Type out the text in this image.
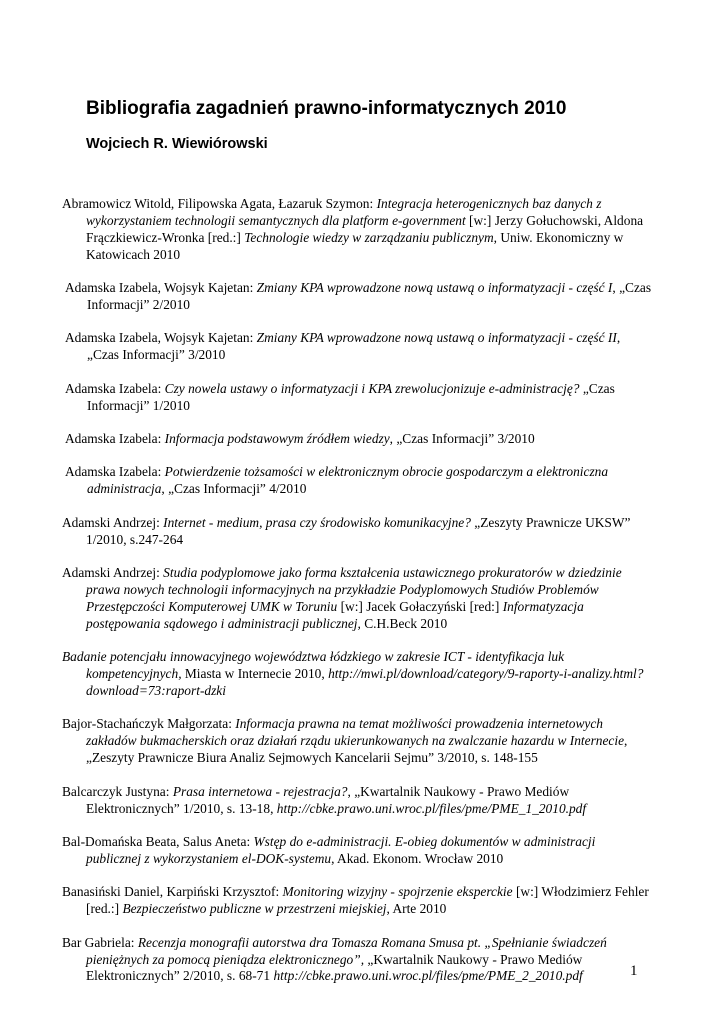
Bibliografia zagadnień prawno-informatycznych 2010
Wojciech R. Wiewiórowski
Abramowicz Witold, Filipowska Agata, Łazaruk Szymon: Integracja heterogenicznych baz danych z wykorzystaniem technologii semantycznych dla platform e-government [w:] Jerzy Gołuchowski, Aldona Frączkiewicz-Wronka [red.:] Technologie wiedzy w zarządzaniu publicznym, Uniw. Ekonomiczny w Katowicach 2010
Adamska Izabela, Wojsyk Kajetan: Zmiany KPA wprowadzone nową ustawą o informatyzacji - część I, „Czas Informacji” 2/2010
Adamska Izabela, Wojsyk Kajetan: Zmiany KPA wprowadzone nową ustawą o informatyzacji - część II, „Czas Informacji” 3/2010
Adamska Izabela: Czy nowela ustawy o informatyzacji i KPA zrewolucjonizuje e-administrację? „Czas Informacji” 1/2010
Adamska Izabela: Informacja podstawowym źródłem wiedzy, „Czas Informacji” 3/2010
Adamska Izabela: Potwierdzenie tożsamości w elektronicznym obrocie gospodarczym a elektroniczna administracja, „Czas Informacji” 4/2010
Adamski Andrzej: Internet - medium, prasa czy środowisko komunikacyjne? „Zeszyty Prawnicze UKSW” 1/2010, s.247-264
Adamski Andrzej: Studia podyplomowe jako forma kształcenia ustawicznego prokuratorów w dziedzinie prawa nowych technologii informacyjnych na przykładzie Podyplomowych Studiów Problemów Przestępczości Komputerowej UMK w Toruniu [w:] Jacek Gołaczyński [red:] Informatyzacja postępowania sądowego i administracji publicznej, C.H.Beck 2010
Badanie potencjału innowacyjnego województwa łódzkiego w zakresie ICT - identyfikacja luk kompetencyjnych, Miasta w Internecie 2010, http://mwi.pl/download/category/9-raporty-i-analizy.html?download=73:raport-dzki
Bajor‑Stachańczyk Małgorzata: Informacja prawna na temat możliwości prowadzenia internetowych zakładów bukmacherskich oraz działań rządu ukierunkowanych na zwalczanie hazardu w Internecie, „Zeszyty Prawnicze Biura Analiz Sejmowych Kancelarii Sejmu” 3/2010, s. 148-155
Balcarczyk Justyna: Prasa internetowa - rejestracja?, „Kwartalnik Naukowy - Prawo Mediów Elektronicznych” 1/2010, s. 13-18, http://cbke.prawo.uni.wroc.pl/files/pme/PME_1_2010.pdf
Bal-Domańska Beata, Salus Aneta: Wstęp do e-administracji. E-obieg dokumentów w administracji publicznej z wykorzystaniem el-DOK-systemu, Akad. Ekonom. Wrocław 2010
Banasiński Daniel, Karpiński Krzysztof: Monitoring wizyjny - spojrzenie eksperckie [w:] Włodzimierz Fehler [red.:] Bezpieczeństwo publiczne w przestrzeni miejskiej, Arte 2010
Bar Gabriela: Recenzja monografii autorstwa dra Tomasza Romana Smusa pt. „Spełnianie świadczeń pieniężnych za pomocą pieniądza elektronicznego”, „Kwartalnik Naukowy - Prawo Mediów Elektronicznych” 2/2010, s. 68-71 http://cbke.prawo.uni.wroc.pl/files/pme/PME_2_2010.pdf	1
